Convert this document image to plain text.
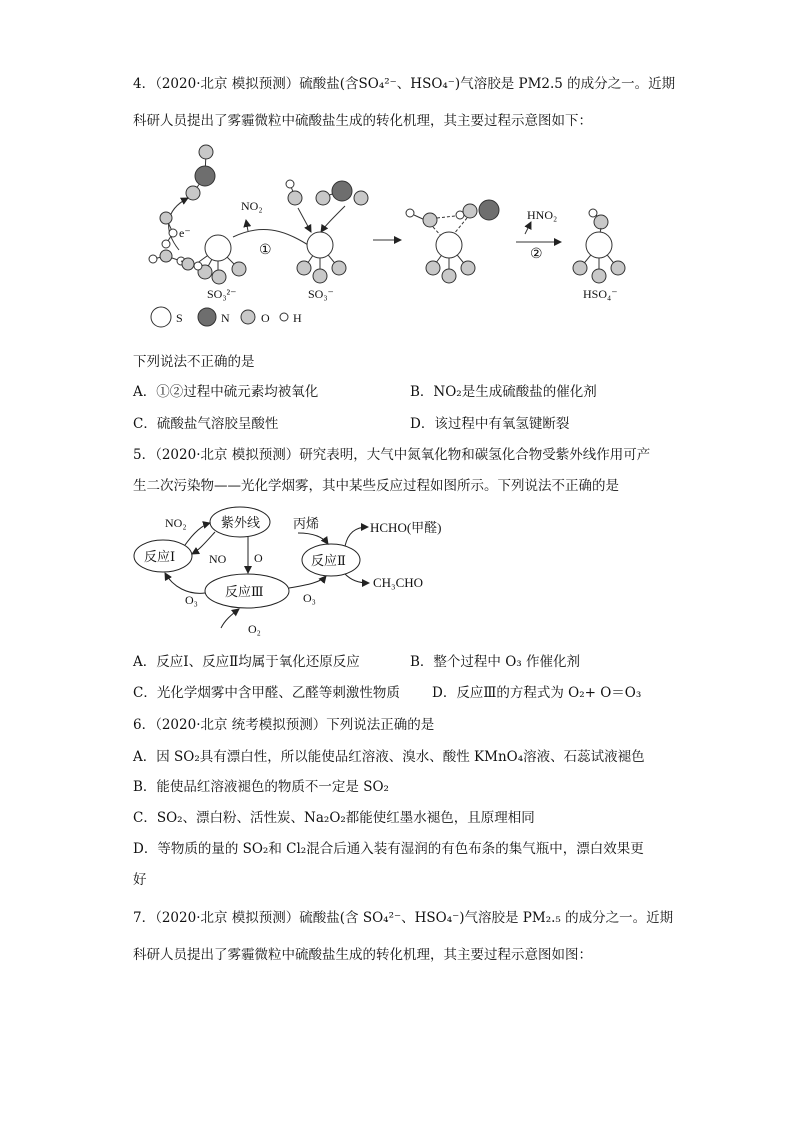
4．（2020·北京 模拟预测）硫酸盐(含SO₄²⁻、HSO₄⁻)气溶胶是 PM2.5 的成分之一。近期
科研人员提出了雾霾微粒中硫酸盐生成的转化机理，其主要过程示意图如下：
e⁻
NO₂
①
SO₃²⁻	SO₃⁻
HNO₂
②
HSO₄⁻
S	N	O H
下列说法不正确的是
A．①②过程中硫元素均被氧化	B．NO₂是生成硫酸盐的催化剂
C．硫酸盐气溶胶呈酸性	D．该过程中有氧氢键断裂
5．（2020·北京 模拟预测）研究表明，大气中氮氧化物和碳氢化合物受紫外线作用可产
生二次污染物——光化学烟雾，其中某些反应过程如图所示。下列说法不正确的是
紫外线
反应Ⅰ	反应Ⅱ
反应Ⅲ
NO₂
NO O
O₃	O₃
O₂
丙烯	HCHO(甲醛)
CH₃CHO
A．反应Ⅰ、反应Ⅱ均属于氧化还原反应	B．整个过程中 O₃ 作催化剂
C．光化学烟雾中含甲醛、乙醛等刺激性物质 D．反应Ⅲ的方程式为 O₂+ O＝O₃
6．（2020·北京 统考模拟预测）下列说法正确的是
A．因 SO₂具有漂白性，所以能使品红溶液、溴水、酸性 KMnO₄溶液、石蕊试液褪色
B．能使品红溶液褪色的物质不一定是 SO₂
C．SO₂、漂白粉、活性炭、Na₂O₂都能使红墨水褪色，且原理相同
D．等物质的量的 SO₂和 Cl₂混合后通入装有湿润的有色布条的集气瓶中，漂白效果更
好
7．（2020·北京 模拟预测）硫酸盐(含 SO₄²⁻、HSO₄⁻)气溶胶是 PM₂.₅ 的成分之一。近期
科研人员提出了雾霾微粒中硫酸盐生成的转化机理，其主要过程示意图如图：
